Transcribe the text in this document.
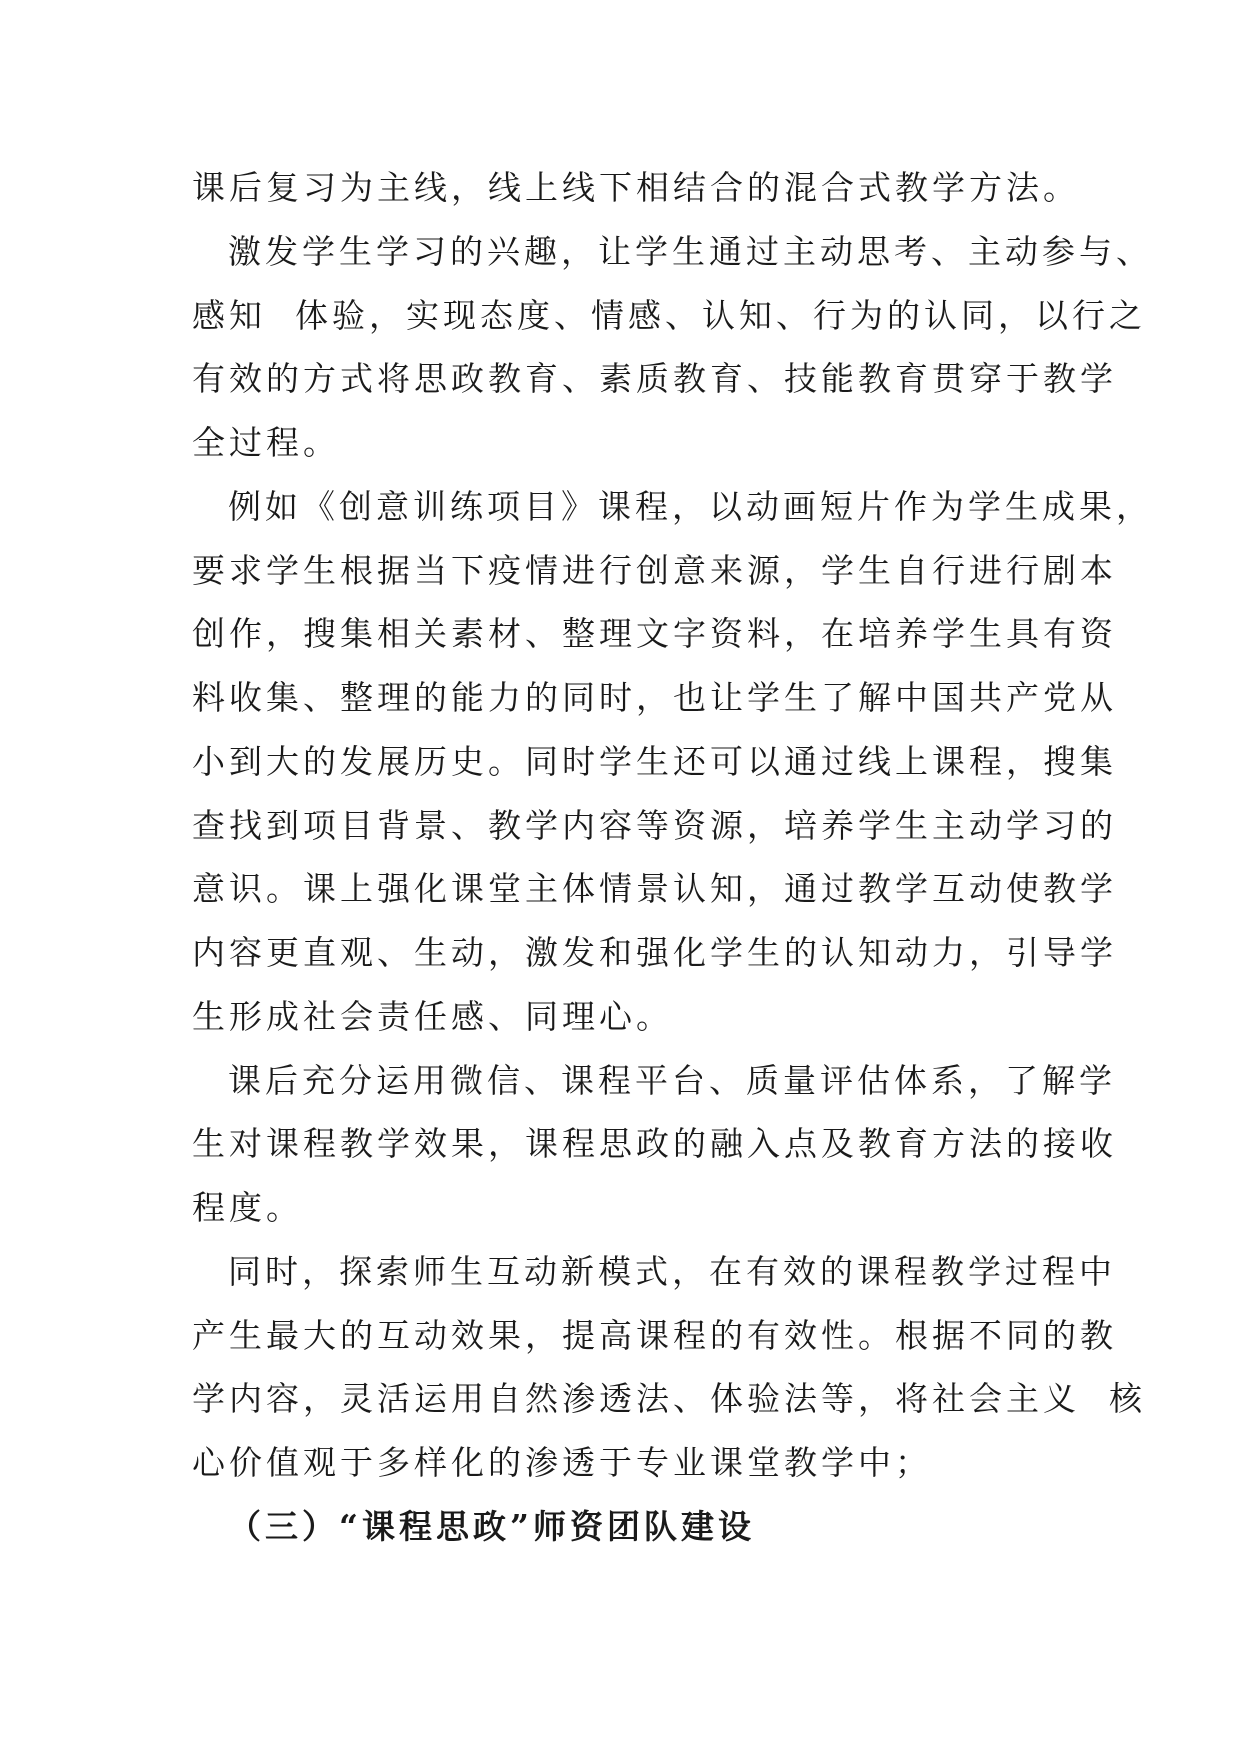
课后复习为主线，线上线下相结合的混合式教学方法。
激发学生学习的兴趣，让学生通过主动思考、主动参与、
感知  体验，实现态度、情感、认知、行为的认同，以行之
有效的方式将思政教育、素质教育、技能教育贯穿于教学
全过程。
例如《创意训练项目》课程，以动画短片作为学生成果，
要求学生根据当下疫情进行创意来源，学生自行进行剧本
创作，搜集相关素材、整理文字资料，在培养学生具有资
料收集、整理的能力的同时，也让学生了解中国共产党从
小到大的发展历史。同时学生还可以通过线上课程，搜集
查找到项目背景、教学内容等资源，培养学生主动学习的
意识。课上强化课堂主体情景认知，通过教学互动使教学
内容更直观、生动，激发和强化学生的认知动力，引导学
生形成社会责任感、同理心。
课后充分运用微信、课程平台、质量评估体系，了解学
生对课程教学效果，课程思政的融入点及教育方法的接收
程度。
同时，探索师生互动新模式，在有效的课程教学过程中
产生最大的互动效果，提高课程的有效性。根据不同的教
学内容，灵活运用自然渗透法、体验法等，将社会主义  核
心价值观于多样化的渗透于专业课堂教学中；
（三）“课程思政”师资团队建设
